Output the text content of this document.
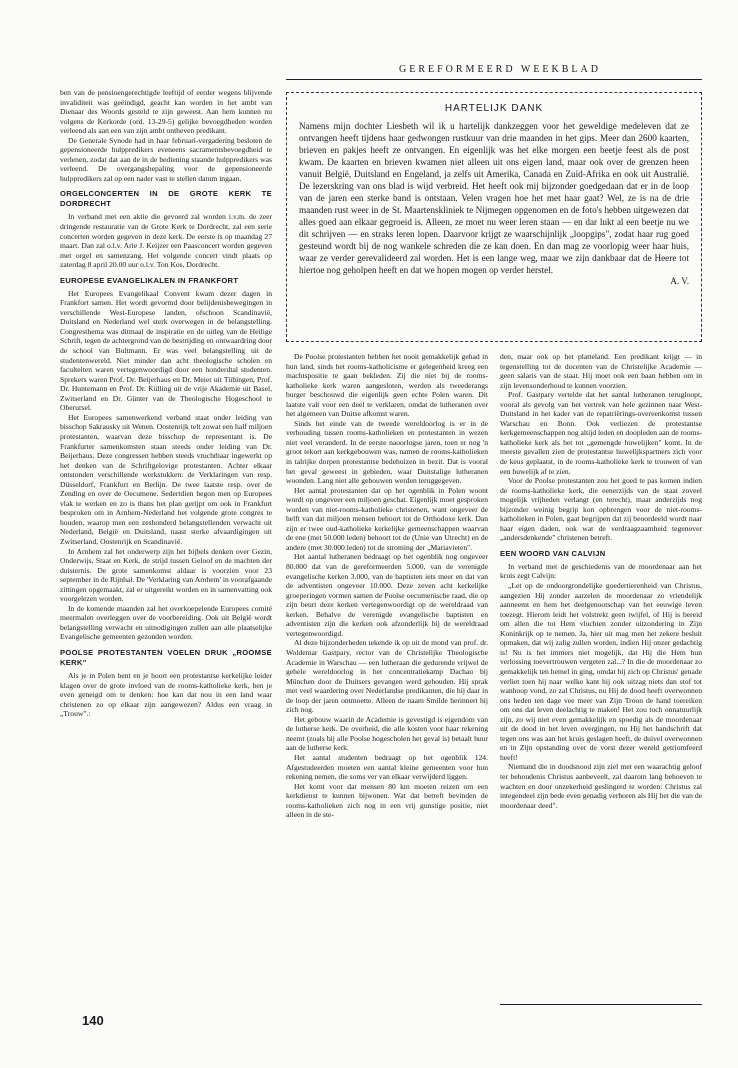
GEREFORMEERD WEEKBLAD

ben van de pensioengerechtigde leeftijd of eerder wegens blijvende invaliditeit was geëindigd, geacht kan worden in het ambt van Dienaar des Woords gesteld te zijn geweest. Aan hem kunnen nu volgens de Kerkorde (ord. 13-29-5) gelijke bevoegdheden worden verleend als aan een van zijn ambt ontheven predikant.

De Generale Synode had in haar februari-vergadering besloten de gepensioneerde hulppredikers eveneens sacramentsbevoegdheid te verlenen, zodat dat aan de in de bediening staande hulppredikers was verleend. De overgangsbepaling voor de gepensioneerde hulppredikers zal op een nader vast te stellen datum ingaan.

ORGELCONCERTEN IN DE GROTE KERK TE DORDRECHT

In verband met een aktie die gevoerd zal worden i.v.m. de zeer dringende restauratie van de Grote Kerk te Dordrecht, zal een serie concerten worden gegeven in deze kerk. De eerste is op maandag 27 maart. Dan zal o.l.v. Arie J. Keijzer een Paasconcert worden gegeven met orgel en samenzang. Het volgende concert vindt plaats op zaterdag 8 april 20.00 uur o.l.v. Ton Kos, Dordrecht.

EUROPESE EVANGELIKALEN IN FRANKFORT

Het Europees Evangelikaal Convent kwam dezer dagen in Frankfort samen. Het wordt gevormd door belijdenisbewegingen in verschillende West-Europese landen, ofschoon Scandinavië, Duitsland en Nederland wel sterk overwegen in de belangstelling. Congresthema was ditmaal de inspiratie en de uitleg van de Heilige Schrift, tegen de achtergrond van de bestrijding en ontwaardring door de school van Bultmann. Er was veel belangstelling uit de studentenwereld. Niet minder dan acht theologische scholen en faculteiten waren vertegenwoordigd door een honderdtal studenten. Sprekers waren Prof. Dr. Beijerhaus en Dr. Meier uit Tübingen, Prof. Dr. Huntemann en Prof. Dr. Külling uit de vrije Akademie uit Basel, Zwitserland en Dr. Günter van de Theologische Hogeschool te Oberursel.

Het Europees samenwerkend verband staat onder leiding van bisschop Sakrausky uit Wenen. Oostenrijk telt zowat een half miljoen protestanten, waarvan deze bisschop de representant is. De Frankfurter samenkomsten staan steeds onder leiding van Dr. Beijerhaus. Deze congressen hebben steeds vruchtbaar ingewerkt op het denken van de Schriftgelovige protestanten. Achter elkaar ontstonden verschillende werkstukken: de Verklaringen van resp. Düsseldorf, Frankfurt en Berlijn. De twee laatste resp. over de Zending en over de Oecumene. Sedertdien begon men op Europees vlak te werken en zo is thans het plan gerijpt om ook in Frankfurt besproken om in Arnhem-Nederland het volgende grote congres te houden, waarop men een zeshonderd belangstellenden verwacht uit Nederland, België en Duitsland, naast sterke afvaardigingen uit Zwitserland, Oostenrijk en Scandinavië.

In Arnhem zal het onderwerp zijn het bijbels denken over Gezin, Onderwijs, Staat en Kerk, de strijd tussen Geloof en de machten der duisternis. De grote samenkomst aldaar is voorzien voor 23 september in de Rijnhal. De 'Verklaring van Arnhem' in voorafgaande zittingen opgemaakt, zal er uitgereikt worden en in samenvatting ook voorgelezen worden.

In de komende maanden zal het overkoepelende Europees comité meermalen overleggen over de voorbereiding. Ook uit België wordt belangstelling verwacht en uitnodigingen zullen aan alle plaatselijke Evangelische gemeenten gezonden worden.

POOLSE PROTESTANTEN VOELEN DRUK „ROOMSE KERK"

Als je in Polen bent en je hoort een protestantse kerkelijke leider klagen over de grote invloed van de rooms-katholieke kerk, ben je even geneigd om te denken: hoe kan dat nou in een land waar christenen zo op elkaar zijn aangewezen? Aldus een vraag in „Trouw".:

HARTELIJK DANK
Namens mijn dochter Liesbeth wil ik u hartelijk dankzeggen voor het geweldige medeleven dat ze ontvangen heeft tijdens haar gedwongen rustkuur van drie maanden in het gips. Meer dan 2600 kaarten, brieven en pakjes heeft ze ontvangen. En eigenlijk was het elke morgen een beetje feest als de post kwam. De kaarten en brieven kwamen niet alleen uit ons eigen land, maar ook over de grenzen heen vanuit België, Duitsland en Engeland, ja zelfs uit Amerika, Canada en Zuid-Afrika en ook uit Australië. De lezerskring van ons blad is wijd verbreid. Het heeft ook mij bijzonder goedgedaan dat er in de loop van de jaren een sterke band is ontstaan. Velen vragen hoe het met haar gaat? Wel, ze is na de drie maanden rust weer in de St. Maartenskliniek te Nijmegen opgenomen en de foto's hebben uitgewezen dat alles goed aan elkaar gegroeid is. Alleen, ze moet nu weer leren staan — en dar lukt al een beetje nu we dit schrijven — en straks leren lopen. Daarvoor krijgt ze waarschijnlijk „loopgips", zodat haar rug goed gesteund wordt bij de nog wankele schreden die ze kan doen. En dan mag ze voorlopig weer haar huis, waar ze verder gerevalideerd zal worden. Het is een lange weg, maar we zijn dankbaar dat de Heere tot hiertoe nog geholpen heeft en dat we hopen mogen op verder herstel.
A. V.

De Poolse protestanten hebben het nooit gemakkelijk gehad in hun land, sinds het rooms-katholicisme er gelegenheid kreeg een machtspositie te gaan bekleden. Zij die niet bij de rooms-katholieke kerk waren aangesloten, werden als tweederangs burger beschouwd die eigenlijk geen echte Polen waren. Dit laatste valt voor een deel te verklaren, omdat de lutheranen over het algemeen van Duitse afkomst waren.

Sinds het einde van de tweede wereldoorlog is er in de verhouding tussen rooms-katholieken en protestanten in wezen niet veel veranderd. In de eerste naoorlogse jaren, toen er nog 'n groot tekort aan kerkgebouwen was, namen de rooms-katholieken in talrijke dorpen protestantse bedehuizen in bezit. Dat is vooral het geval geweest in gebieden, waar Duitstalige lutheranen woonden. Lang niet alle gebouwen werden teruggegeven.

Het aantal protestanten dat op het ogenblik in Polen woont wordt op ongeveer een miljoen geschat. Eigenlijk moet gesproken worden van niet-rooms-katholieke christenen, want ongeveer de helft van dat miljoen mensen behoort tot de Orthodoxe kerk. Dan zijn er twee oud-katholieke kerkelijke gemeenschappen waarvan de ene (met 50.000 leden) behoort tot de (Unie van Utrecht) en de andere (met 30.000 leden) tot de stroming der „Mariavieten".

Het aantal lutheranen bedraagt op het ogenblik nog ongeveer 80.000 dat van de gereformeerden 5.000, van de verenigde evangelische kerken 3.000, van de baptisten iets meer en dat van de adventisten ongeveer 10.000. Deze zeven acht kerkelijke groeperingen vormen samen de Poolse oecumenische raad, die op zijn beurt deze kerken vertegenwoordigt op de wereldraad van kerken. Behalve de verenigde evangelische baptisten en adventisten zijn die kerken ook afzonderlijk bij de wereldraad vertegenwoordigd.

Al deze bijzonderheden tekende ik op uit de mond van prof. dr. Woldemar Gastpary, rector van de Christelijke Theologische Academie in Warschau — een lutheraan die gedurende vrijwel de gehele wereldoorlog in het concentratiekamp Dachau bij München door de Duitsers gevangen werd gehouden. Hij sprak met veel waardering over Nederlandse predikanten, die hij daar in de loop der jaren ontmoette. Alleen de naam Smilde herinnert hij zich nog.

Het gebouw waarin de Academie is gevestigd is eigendom van de lutherse kerk. De overheid, die alle kosten voor haar rekening neemt (zoals bij alle Poolse hogescholen het geval is) betaalt huur aan de lutherse kerk.

Het aantal studenten bedraagt op het ogenblik 124. Afgestudeerden moeten een aantal kleine gemeenten voor hun rekening nemen, die soms ver van elkaar verwijderd liggen.

Het komt voor dat mensen 80 km moeten reizen om een kerkdienst te kunnen bijwonen. Wat dat betreft bevinden de rooms-katholieken zich nog in een vrij gunstige positie, niet alleen in de ste-

den, maar ook op het platteland. Een predikant krijgt — in tegenstelling tot de docenten van de Christelijke Academie — geen salaris van de staat. Hij moet ook een baan hebben om in zijn levensonderhoud te kunnen voorzien.

Prof. Gastpary vertelde dat het aantal lutheranen terugloopt, vooral als gevolg van het vertrek van hele gezinnen naar West-Duitsland in het kader van de repatriërings-overeenkomst tussen Warschau en Bonn. Ook verliezen de protestantse kerkgemeenschappen nog altijd leden en doopleden aan de rooms-katholieke kerk als het tot „gemengde huwelijken" komt. In de meeste gevallen zien de protestantse huwelijkspartners zich voor de keus geplaatst, in de rooms-katholieke kerk te trouwen of van een huwelijk af te zien.

Voor de Poolse protestanten zou het goed te pas komen indien de rooms-katholieke kerk, die eenerzijds van de staat zoveel mogelijk vrijheden verlangt (en terecht), maar anderzijds nog bijzonder weinig begrip kon opbrengen voor de niet-rooms-katholieken in Polen, gaat begrijpen dat zij beoordeeld wordt naar haar eigen daden, ook wat de verdraagzaamheid tegenover „andersdenkende" christenen betreft.

EEN WOORD VAN CALVIJN

In verband met de geschiedenis van de moordenaar aan het kruis zegt Calvijn:

„Let op de ondoorgrondelijke goedertierenheid van Christus, aangezien Hij zonder aarzelen de moordenaar zo vriendelijk aanneemt en hem het deelgenootschap van het eeuwige leven toezegt. Hierom leidt het volstrekt geen twijfel, of Hij is bereid om allen die tot Hem vluchten zonder uitzondering in Zijn Koninkrijk op te nemen. Ja, hier uit mag men het zekere besluit opmaken, dat wij zalig zullen worden, indien Hij onzer gedachtig is! Nu is het immers niet mogelijk, dat Hij die Hem hun verlossing toevertrouwen vergeten zal...? In die de moordenaar zo gemakkelijk ten hemel in ging, omdat hij zich op Christus' genade verliet toen hij naar welke kant hij ook uitzag niets dan stof tot wanhoop vond, zo zal Christus, nu Hij de dood heeft overwonnen ons heden ten dage vee meer van Zijn Troon de hand toereiken om ons dat leven deelachtig te maken! Het zou toch onnatuurlijk zijn, zo wij niet even gemakkelijk en spoedig als de moordenaar uit de dood in het leven overgingen, nu Hij het handschrift dat tegen ons was aan het kruis geslagen heeft, de duivel overwonnen en in Zijn opstanding over de vorst dezer wereld getriomfeerd heeft!

Niemand die in doodsnood zijn ziel met een waarachtig geloof ter behoudenis Christus aanbeveelt, zal daarom lang behoeven te wachten en door onzekerheid geslingerd te worden: Christus zal integendeel zijn bede even genadig verhoren als Hij het die van de moordenaar deed".

140
